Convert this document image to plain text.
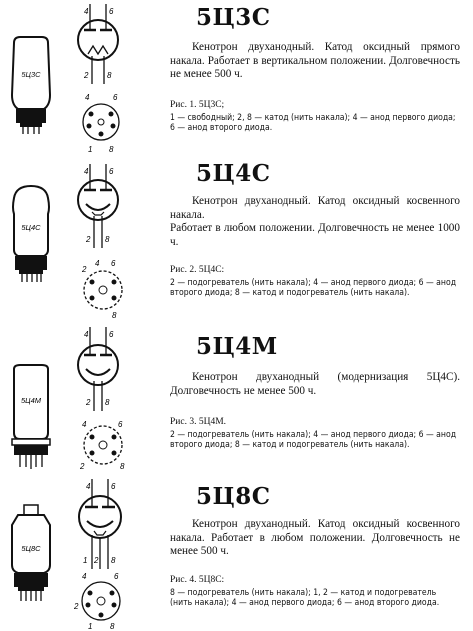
5Ц3С
4	6
2 8
4	6
1 8
5Ц3С

Кенотрон двуханодный. Катод оксидный прямого накала. Работает в вертикальном положении. Долговечность не менее 500 ч.

Рис. 1. 5Ц3С;
1 — свободный; 2, 8 — катод (нить накала); 4 — анод первого диода; 6 — анод второго диода.
5Ц4С
4	6
2 8
2
4 6
8
5Ц4С

Кенотрон двуханодный. Катод оксидный косвенного накала.

Работает в любом положении. Долговечность не менее 1000 ч.

Рис. 2. 5Ц4С:
2 — подогреватель (нить накала); 4 — анод первого диода; 6 — анод второго диода; 8 — катод и подогреватель (нить накала).
5Ц4М
4	6
2 8
4	6
2	8
5Ц4М

Кенотрон двуханодный (модернизация 5Ц4С). Долговечность не менее 500 ч.

Рис. 3. 5Ц4М.
2 — подогреватель (нить накала); 4 — анод первого диода; 6 — анод второго диода; 8 — катод и подогреватель (нить накала).
5Ц8С
4	6
1 2 8
4	6
2
1 8
5Ц8С

Кенотрон двуханодный. Катод оксидный косвенного накала. Работает в любом положении. Долговечность не менее 500 ч.

Рис. 4. 5Ц8С:
8 — подогреватель (нить накала); 1, 2 — катод и подогреватель (нить накала); 4 — анод первого диода; 6 — анод второго диода.
